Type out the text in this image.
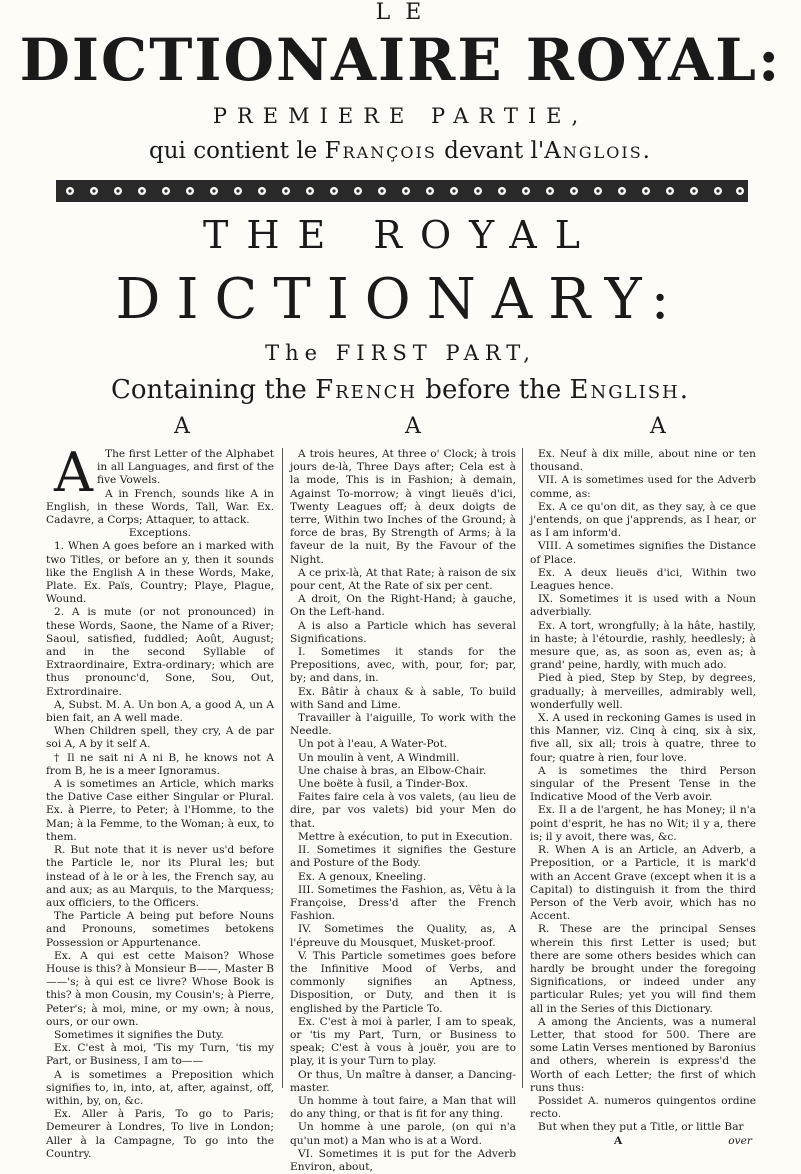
L E
DICTIONAIRE ROYAL:
PREMIERE PARTIE,
qui contient le François devant l'Anglois.
THE ROYAL
DICTIONARY:
The FIRST PART,
Containing the French before the English.
A	A	A

A The first Letter of the Alphabet in all Languages, and first of the five Vowels.

A in French, sounds like A in English, in these Words, Tall, War. Ex. Cadavre, a Corps; Attaquer, to attack.

Exceptions.

1. When A goes before an i marked with two Titles, or before an y, then it sounds like the English A in these Words, Make, Plate. Ex. Païs, Country; Playe, Plague, Wound.

2. A is mute (or not pronounced) in these Words, Saone, the Name of a River; Saoul, satisfied, fuddled; Août, August; and in the second Syllable of Extraordinaire, Extra-ordinary; which are thus pronounc'd, Sone, Sou, Out, Extrordinaire.

A, Subst. M. A. Un bon A, a good A, un A bien fait, an A well made.

When Children spell, they cry, A de par soi A, A by it self A.

† Il ne sait ni A ni B, he knows not A from B, he is a meer Ignoramus.

A is sometimes an Article, which marks the Dative Case either Singular or Plural. Ex. à Pierre, to Peter; à l'Homme, to the Man; à la Femme, to the Woman; à eux, to them.

R. But note that it is never us'd before the Particle le, nor its Plural les; but instead of à le or à les, the French say, au and aux; as au Marquis, to the Marquess; aux officiers, to the Officers.

The Particle A being put before Nouns and Pronouns, sometimes betokens Possession or Appurtenance.

Ex. A qui est cette Maison? Whose House is this? à Monsieur B——, Master B——'s; à qui est ce livre? Whose Book is this? à mon Cousin, my Cousin's; à Pierre, Peter's; à moi, mine, or my own; à nous, ours, or our own.

Sometimes it signifies the Duty.

Ex. C'est à moi, 'Tis my Turn, 'tis my Part, or Business, I am to——

A is sometimes a Preposition which signifies to, in, into, at, after, against, off, within, by, on, &c.

Ex. Aller à Paris, To go to Paris; Demeurer à Londres, To live in London; Aller à la Campagne, To go into the Country.

A trois heures, At three o' Clock; à trois jours de-là, Three Days after; Cela est à la mode, This is in Fashion; à demain, Against To-morrow; à vingt lieuës d'ici, Twenty Leagues off; à deux doigts de terre, Within two Inches of the Ground; à force de bras, By Strength of Arms; à la faveur de la nuit, By the Favour of the Night.

A ce prix-là, At that Rate; à raison de six pour cent, At the Rate of six per cent.

A droit, On the Right-Hand; à gauche, On the Left-hand.

A is also a Particle which has several Significations.

I. Sometimes it stands for the Prepositions, avec, with, pour, for; par, by; and dans, in.

Ex. Bâtir à chaux & à sable, To build with Sand and Lime.

Travailler à l'aiguille, To work with the Needle.

Un pot à l'eau, A Water-Pot.

Un moulin à vent, A Windmill.

Une chaise à bras, an Elbow-Chair.

Une boëte à fusil, a Tinder-Box.

Faites faire cela à vos valets, (au lieu de dire, par vos valets) bid your Men do that.

Mettre à exécution, to put in Execution.

II. Sometimes it signifies the Gesture and Posture of the Body.

Ex. A genoux, Kneeling.

III. Sometimes the Fashion, as, Vêtu à la Françoise, Dress'd after the French Fashion.

IV. Sometimes the Quality, as, A l'épreuve du Mousquet, Musket-proof.

V. This Particle sometimes goes before the Infinitive Mood of Verbs, and commonly signifies an Aptness, Disposition, or Duty, and then it is englished by the Particle To.

Ex. C'est à moi à parler, I am to speak, or 'tis my Part, Turn, or Business to speak; C'est à vous à jouër, you are to play, it is your Turn to play.

Or thus, Un maître à danser, a Dancing-master.

Un homme à tout faire, a Man that will do any thing, or that is fit for any thing.

Un homme à une parole, (on qui n'a qu'un mot) a Man who is at a Word.

VI. Sometimes it is put for the Adverb Environ, about,

Ex. Neuf à dix mille, about nine or ten thousand.

VII. A is sometimes used for the Adverb comme, as:

Ex. A ce qu'on dit, as they say, à ce que j'entends, on que j'apprends, as I hear, or as I am inform'd.

VIII. A sometimes signifies the Distance of Place.

Ex. A deux lieuës d'ici, Within two Leagues hence.

IX. Sometimes it is used with a Noun adverbially.

Ex. A tort, wrongfully; à la hâte, hastily, in haste; à l'étourdie, rashly, heedlesly; à mesure que, as, as soon as, even as; à grand' peine, hardly, with much ado.

Pied à pied, Step by Step, by degrees, gradually; à merveilles, admirably well, wonderfully well.

X. A used in reckoning Games is used in this Manner, viz. Cinq à cinq, six à six, five all, six all; trois à quatre, three to four; quatre à rien, four love.

A is sometimes the third Person singular of the Present Tense in the Indicative Mood of the Verb avoir.

Ex. Il a de l'argent, he has Money; il n'a point d'esprit, he has no Wit; il y a, there is; il y avoit, there was, &c.

R. When A is an Article, an Adverb, a Preposition, or a Particle, it is mark'd with an Accent Grave (except when it is a Capital) to distinguish it from the third Person of the Verb avoir, which has no Accent.

R. These are the principal Senses wherein this first Letter is used; but there are some others besides which can hardly be brought under the foregoing Significations, or indeed under any particular Rules; yet you will find them all in the Series of this Dictionary.

A among the Ancients, was a numeral Letter, that stood for 500. There are some Latin Verses mentioned by Baronius and others, wherein is express'd the Worth of each Letter; the first of which runs thus:

Possidet A. numeros quingentos ordine recto.

But when they put a Title, or little Bar

A	over
